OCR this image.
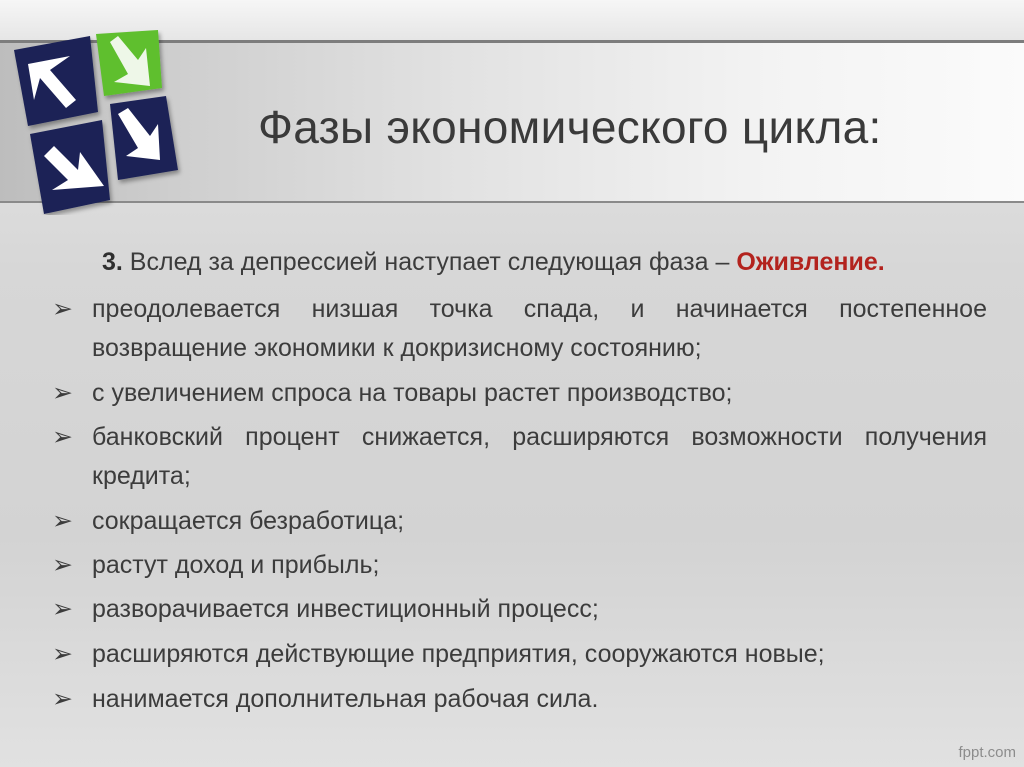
Фазы экономического цикла:
3. Вслед за депрессией наступает следующая фаза – Оживление.
➢ преодолевается низшая точка спада, и начинается постепенное возвращение экономики к докризисному состоянию;
➢ с увеличением спроса на товары растет производство;
➢ банковский процент снижается, расширяются возможности получения кредита;
➢ сокращается безработица;
➢ растут доход и прибыль;
➢ разворачивается инвестиционный процесс;
➢ расширяются действующие предприятия, сооружаются новые;
➢ нанимается дополнительная рабочая сила.
fppt.com
